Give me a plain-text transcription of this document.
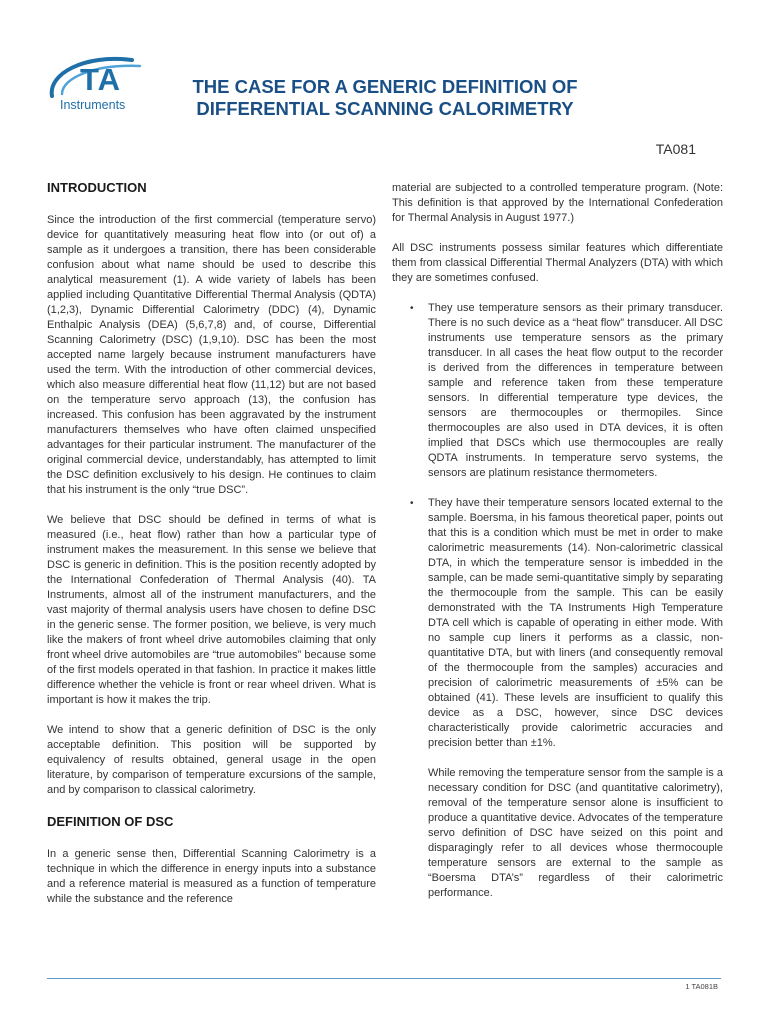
TA
Instruments
THE CASE FOR A GENERIC DEFINITION OF
DIFFERENTIAL SCANNING CALORIMETRY
TA081
INTRODUCTION

Since the introduction of the first commercial (temperature servo) device for quantitatively measuring heat flow into (or out of) a sample as it undergoes a transition, there has been considerable confusion about what name should be used to describe this analytical measurement (1). A wide variety of labels has been applied including Quantitative Differential Thermal Analysis (QDTA) (1,2,3), Dynamic Differential Calorimetry (DDC) (4), Dynamic Enthalpic Analysis (DEA) (5,6,7,8) and, of course, Differential Scanning Calorimetry (DSC) (1,9,10). DSC has been the most accepted name largely because instrument manufacturers have used the term. With the introduction of other commercial devices, which also measure differential heat flow (11,12) but are not based on the temperature servo approach (13), the confusion has increased. This confusion has been aggravated by the instrument manufacturers themselves who have often claimed unspecified advantages for their particular instrument. The manufacturer of the original commercial device, understandably, has attempted to limit the DSC definition exclusively to his design. He continues to claim that his instrument is the only “true DSC”.

We believe that DSC should be defined in terms of what is measured (i.e., heat flow) rather than how a particular type of instrument makes the measurement. In this sense we believe that DSC is generic in definition. This is the position recently adopted by the International Confederation of Thermal Analysis (40). TA Instruments, almost all of the instrument manufacturers, and the vast majority of thermal analysis users have chosen to define DSC in the generic sense. The former position, we believe, is very much like the makers of front wheel drive automobiles claiming that only front wheel drive automobiles are “true automobiles” because some of the first models operated in that fashion. In practice it makes little difference whether the vehicle is front or rear wheel driven. What is important is how it makes the trip.

We intend to show that a generic definition of DSC is the only acceptable definition. This position will be supported by equivalency of results obtained, general usage in the open literature, by comparison of temperature excursions of the sample, and by comparison to classical calorimetry.

DEFINITION OF DSC

In a generic sense then, Differential Scanning Calorimetry is a technique in which the difference in energy inputs into a substance and a reference material is measured as a function of temperature while the substance and the reference

material are subjected to a controlled temperature program. (Note: This definition is that approved by the International Confederation for Thermal Analysis in August 1977.)

All DSC instruments possess similar features which differentiate them from classical Differential Thermal Analyzers (DTA) with which they are sometimes confused.

• They use temperature sensors as their primary transducer. There is no such device as a “heat flow” transducer. All DSC instruments use temperature sensors as the primary transducer. In all cases the heat flow output to the recorder is derived from the differences in temperature between sample and reference taken from these temperature sensors. In differential temperature type devices, the sensors are thermocouples or thermopiles. Since thermocouples are also used in DTA devices, it is often implied that DSCs which use thermocouples are really QDTA instruments. In temperature servo systems, the sensors are platinum resistance thermometers.
• They have their temperature sensors located external to the sample. Boersma, in his famous theoretical paper, points out that this is a condition which must be met in order to make calorimetric measurements (14). Non-calorimetric classical DTA, in which the temperature sensor is imbedded in the sample, can be made semi-quantitative simply by separating the thermocouple from the sample. This can be easily demonstrated with the TA Instruments High Temperature DTA cell which is capable of operating in either mode. With no sample cup liners it performs as a classic, non-quantitative DTA, but with liners (and consequently removal of the thermocouple from the samples) accuracies and precision of calorimetric measurements of ±5% can be obtained (41). These levels are insufficient to qualify this device as a DSC, however, since DSC devices characteristically provide calorimetric accuracies and precision better than ±1%.

While removing the temperature sensor from the sample is a necessary condition for DSC (and quantitative calorimetry), removal of the temperature sensor alone is insufficient to produce a quantitative device. Advocates of the temperature servo definition of DSC have seized on this point and disparagingly refer to all devices whose thermocouple temperature sensors are external to the sample as “Boersma DTA’s” regardless of their calorimetric performance.

1 TA081B
